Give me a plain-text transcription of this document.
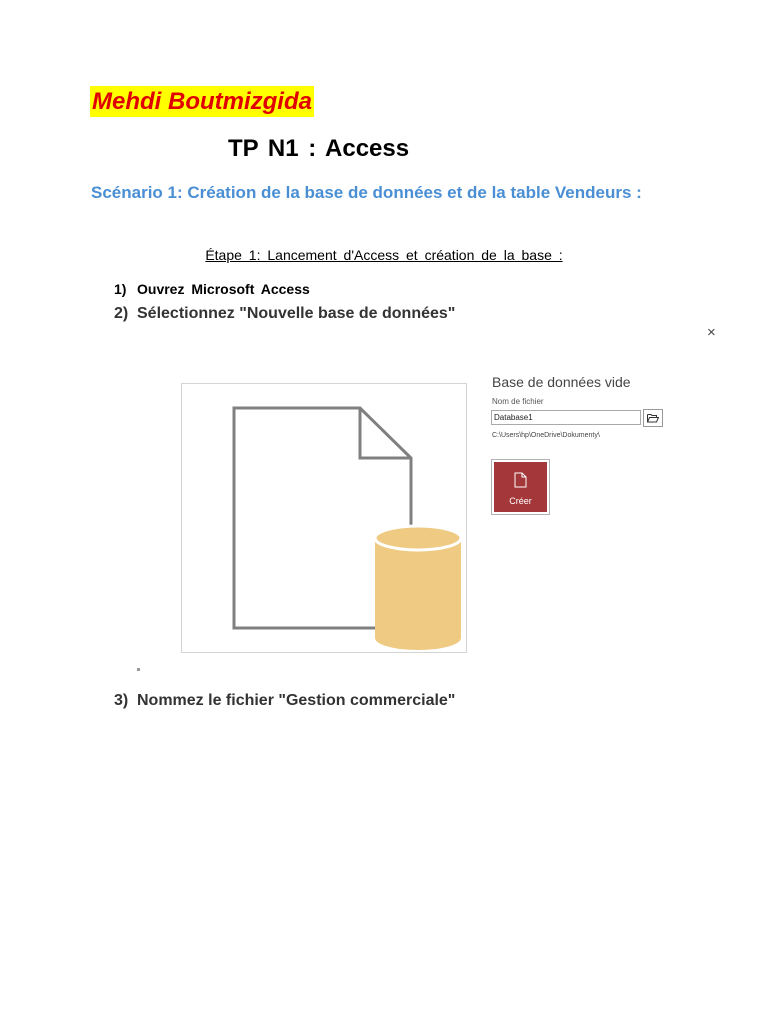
Mehdi Boutmizgida
TP N1 : Access
Scénario 1: Création de la base de données et de la table Vendeurs :
Étape 1: Lancement d'Access et création de la base :
1) Ouvrez Microsoft Access
2) Sélectionnez "Nouvelle base de données"
×
Base de données vide
Nom de fichier
Database1
C:\Users\hp\OneDrive\Dokumenty\
Créer
3) Nommez le fichier "Gestion commerciale"
